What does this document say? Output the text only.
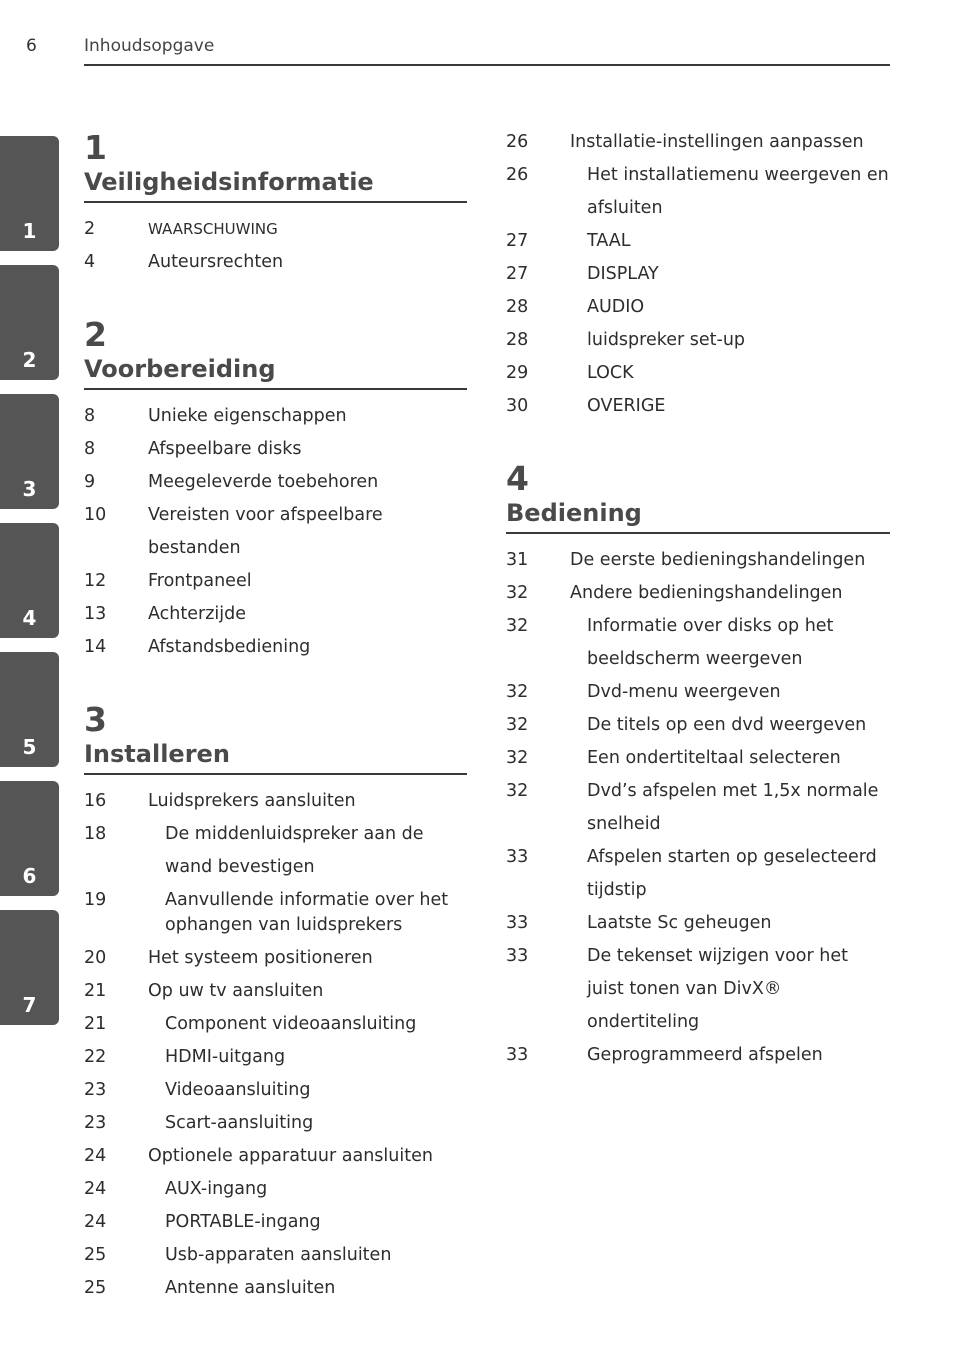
6	Inhoudsopgave
1
2
3
4
5
6
7
1
Veiligheidsinformatie
2	WAARSCHUWING
4	Auteursrechten
2
Voorbereiding
8	Unieke eigenschappen
8	Afspeelbare disks
9	Meegeleverde toebehoren
10	Vereisten voor afspeelbare bestanden
12	Frontpaneel
13	Achterzijde
14	Afstandsbediening
3
Installeren
16	Luidsprekers aansluiten
18	De middenluidspreker aan de wand bevestigen
19	Aanvullende informatie over het ophangen van luidsprekers
20	Het systeem positioneren
21	Op uw tv aansluiten
21	Component videoaansluiting
22	HDMI-uitgang
23	Videoaansluiting
23	Scart-aansluiting
24	Optionele apparatuur aansluiten
24	AUX-ingang
24	PORTABLE-ingang
25	Usb-apparaten aansluiten
25	Antenne aansluiten
26	Installatie-instellingen aanpassen
26	Het installatiemenu weergeven en afsluiten
27	TAAL
27	DISPLAY
28	AUDIO
28	luidspreker set-up
29	LOCK
30	OVERIGE
4
Bediening
31	De eerste bedieningshandelingen
32	Andere bedieningshandelingen
32	Informatie over disks op het beeldscherm weergeven
32	Dvd-menu weergeven
32	De titels op een dvd weergeven
32	Een ondertiteltaal selecteren
32	Dvd’s afspelen met 1,5x normale snelheid
33	Afspelen starten op geselecteerd tijdstip
33	Laatste Sc geheugen
33	De tekenset wijzigen voor het juist tonen van DivX® ondertiteling
33	Geprogrammeerd afspelen
